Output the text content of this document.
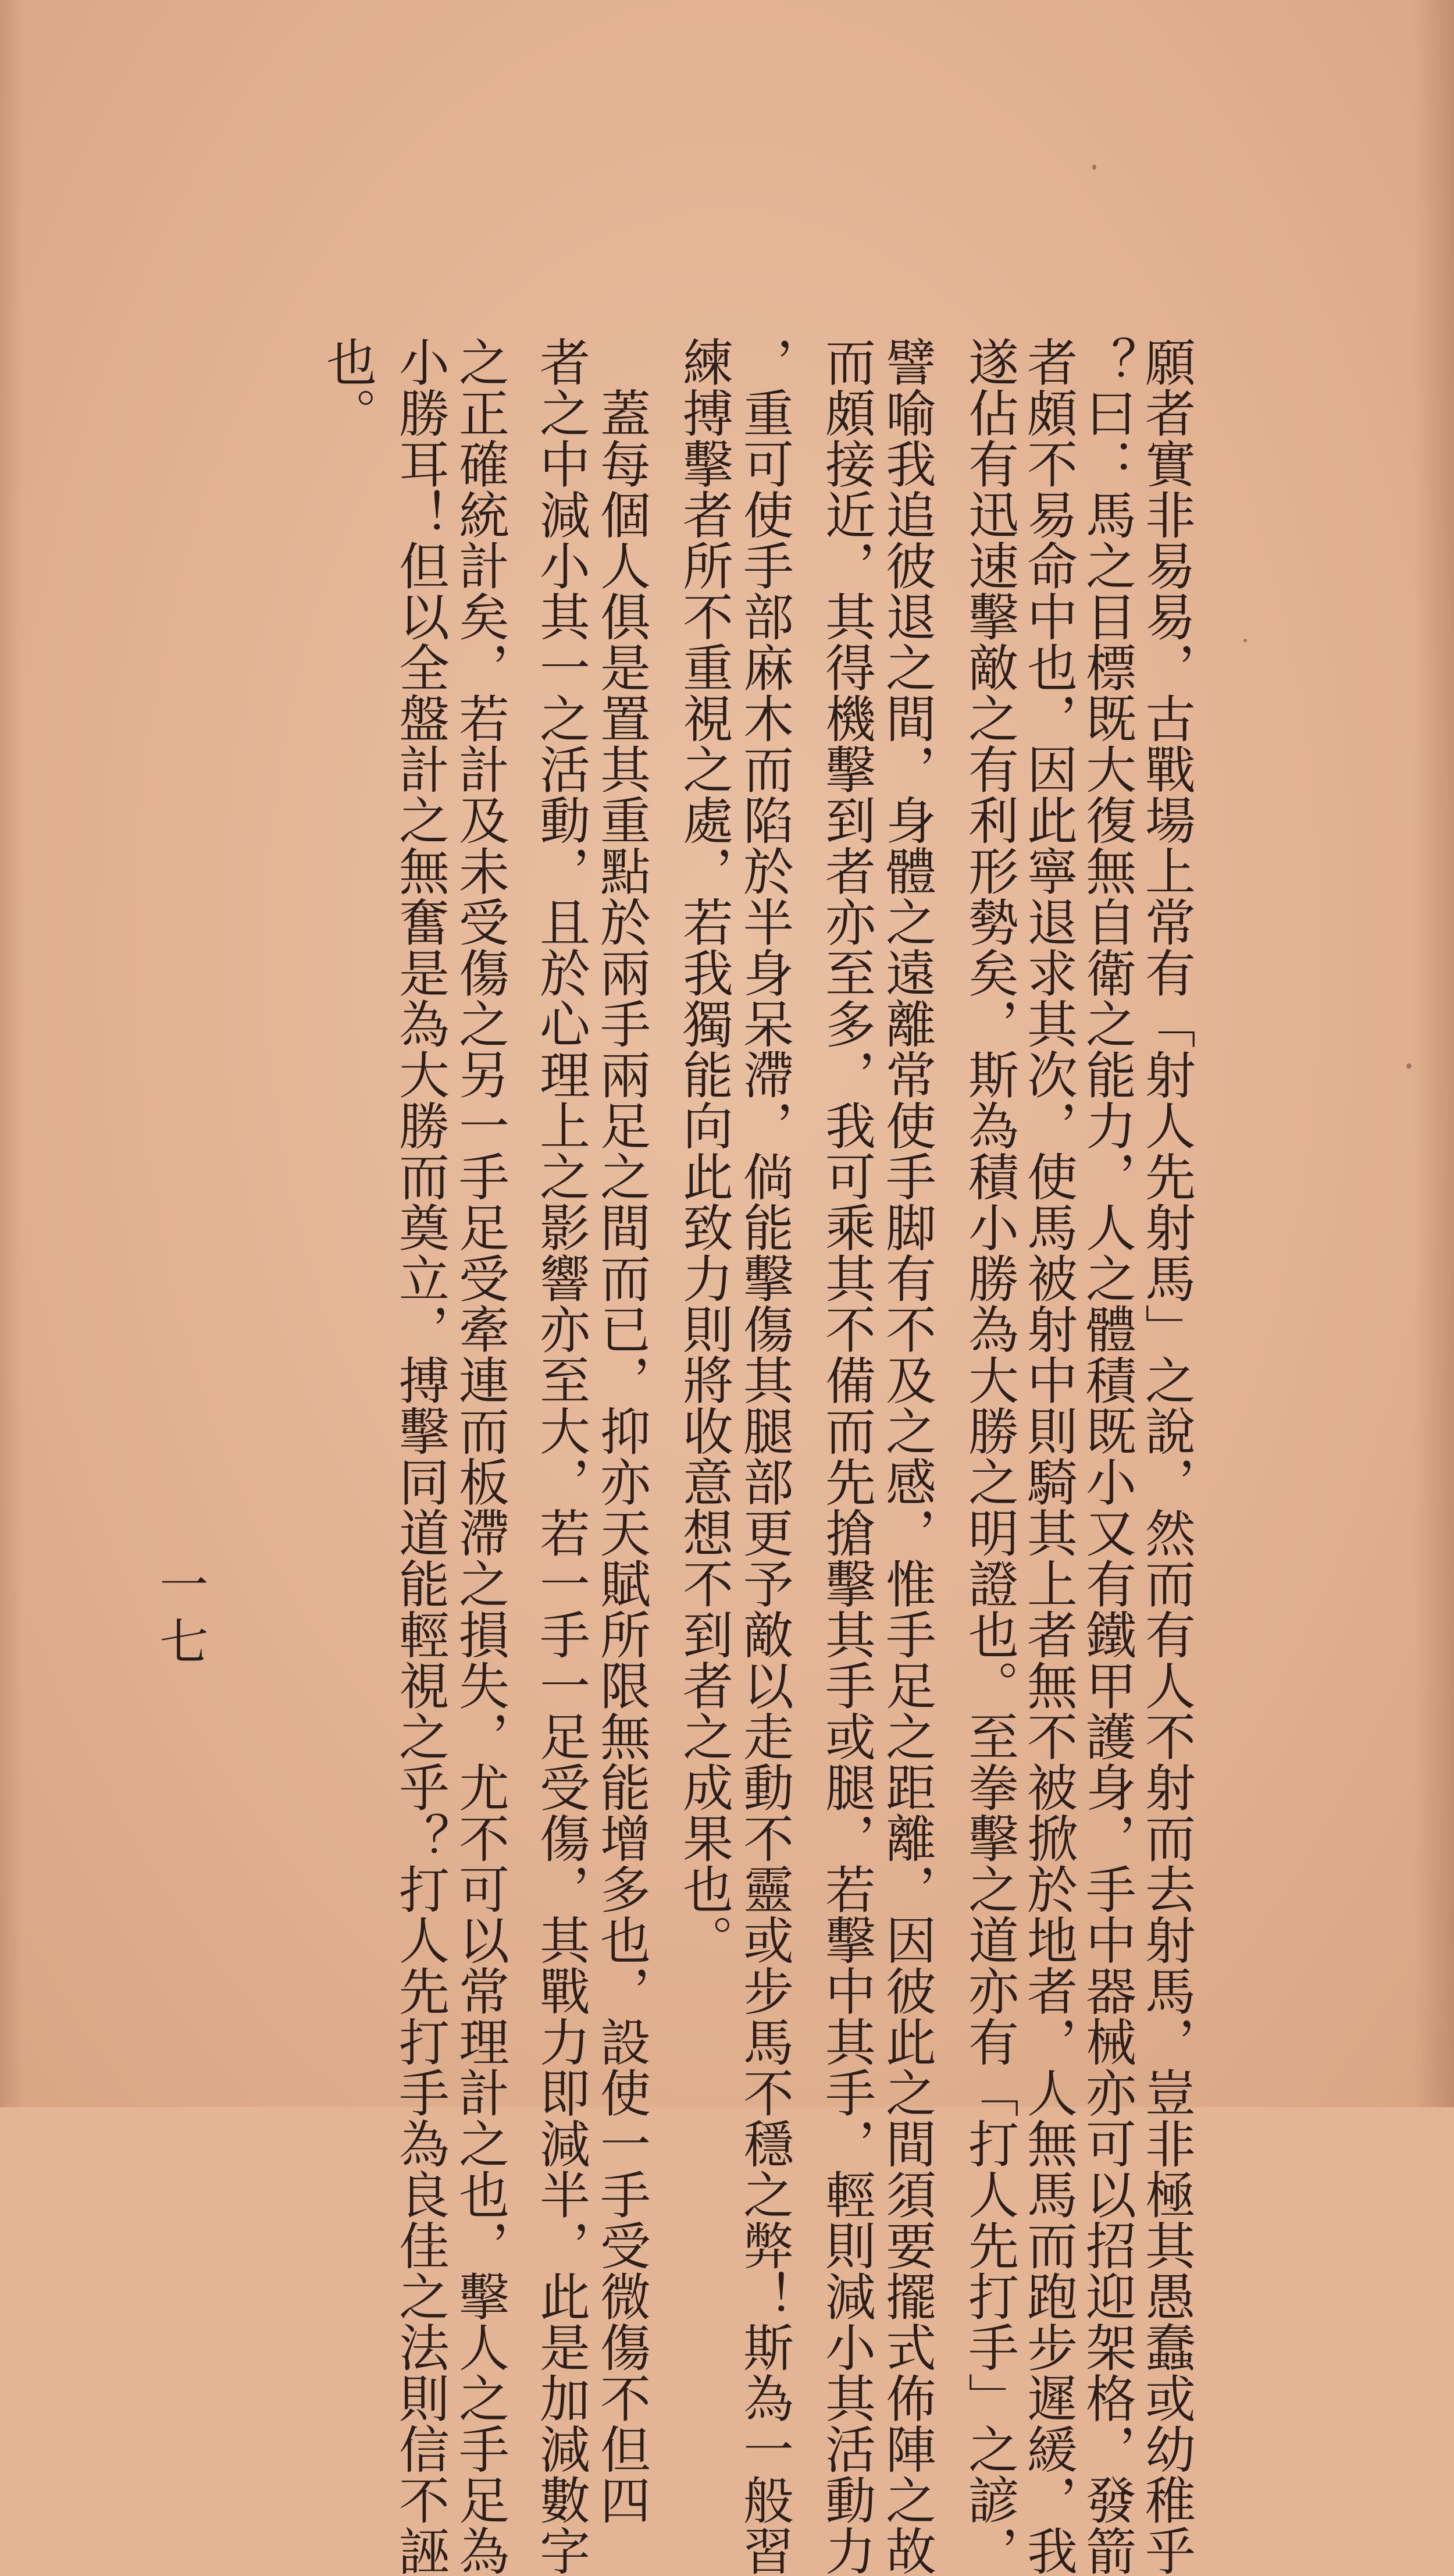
願者實非易易，古戰場上常有「射人先射馬」之說，然而有人不射而去射馬，豈非極其愚蠢或幼稚乎
？曰：馬之目標既大復無自衛之能力，人之體積既小又有鐵甲護身，手中器械亦可以招迎架格，發箭
者頗不易命中也，因此寧退求其次，使馬被射中則騎其上者無不被掀於地者，人無馬而跑步遲緩，我
遂佔有迅速擊敵之有利形勢矣，斯為積小勝為大勝之明證也。至拳擊之道亦有「打人先打手」之諺，
譬喻我追彼退之間，身體之遠離常使手脚有不及之感，惟手足之距離，因彼此之間須要擺式佈陣之故
而頗接近，其得機擊到者亦至多，我可乘其不備而先搶擊其手或腿，若擊中其手，輕則減小其活動力
，重可使手部麻木而陷於半身呆滯，倘能擊傷其腿部更予敵以走動不靈或步馬不穩之弊！斯為一般習
練搏擊者所不重視之處，若我獨能向此致力則將收意想不到者之成果也。
　蓋每個人俱是置其重點於兩手兩足之間而已，抑亦天賦所限無能增多也，設使一手受微傷不但四
者之中減小其一之活動，且於心理上之影響亦至大，若一手一足受傷，其戰力即減半，此是加減數字
之正確統計矣，若計及未受傷之另一手足受牽連而板滯之損失，尤不可以常理計之也，擊人之手足為
小勝耳！但以全盤計之無奮是為大勝而奠立，搏擊同道能輕視之乎？打人先打手為良佳之法則信不誣
也。
一七
